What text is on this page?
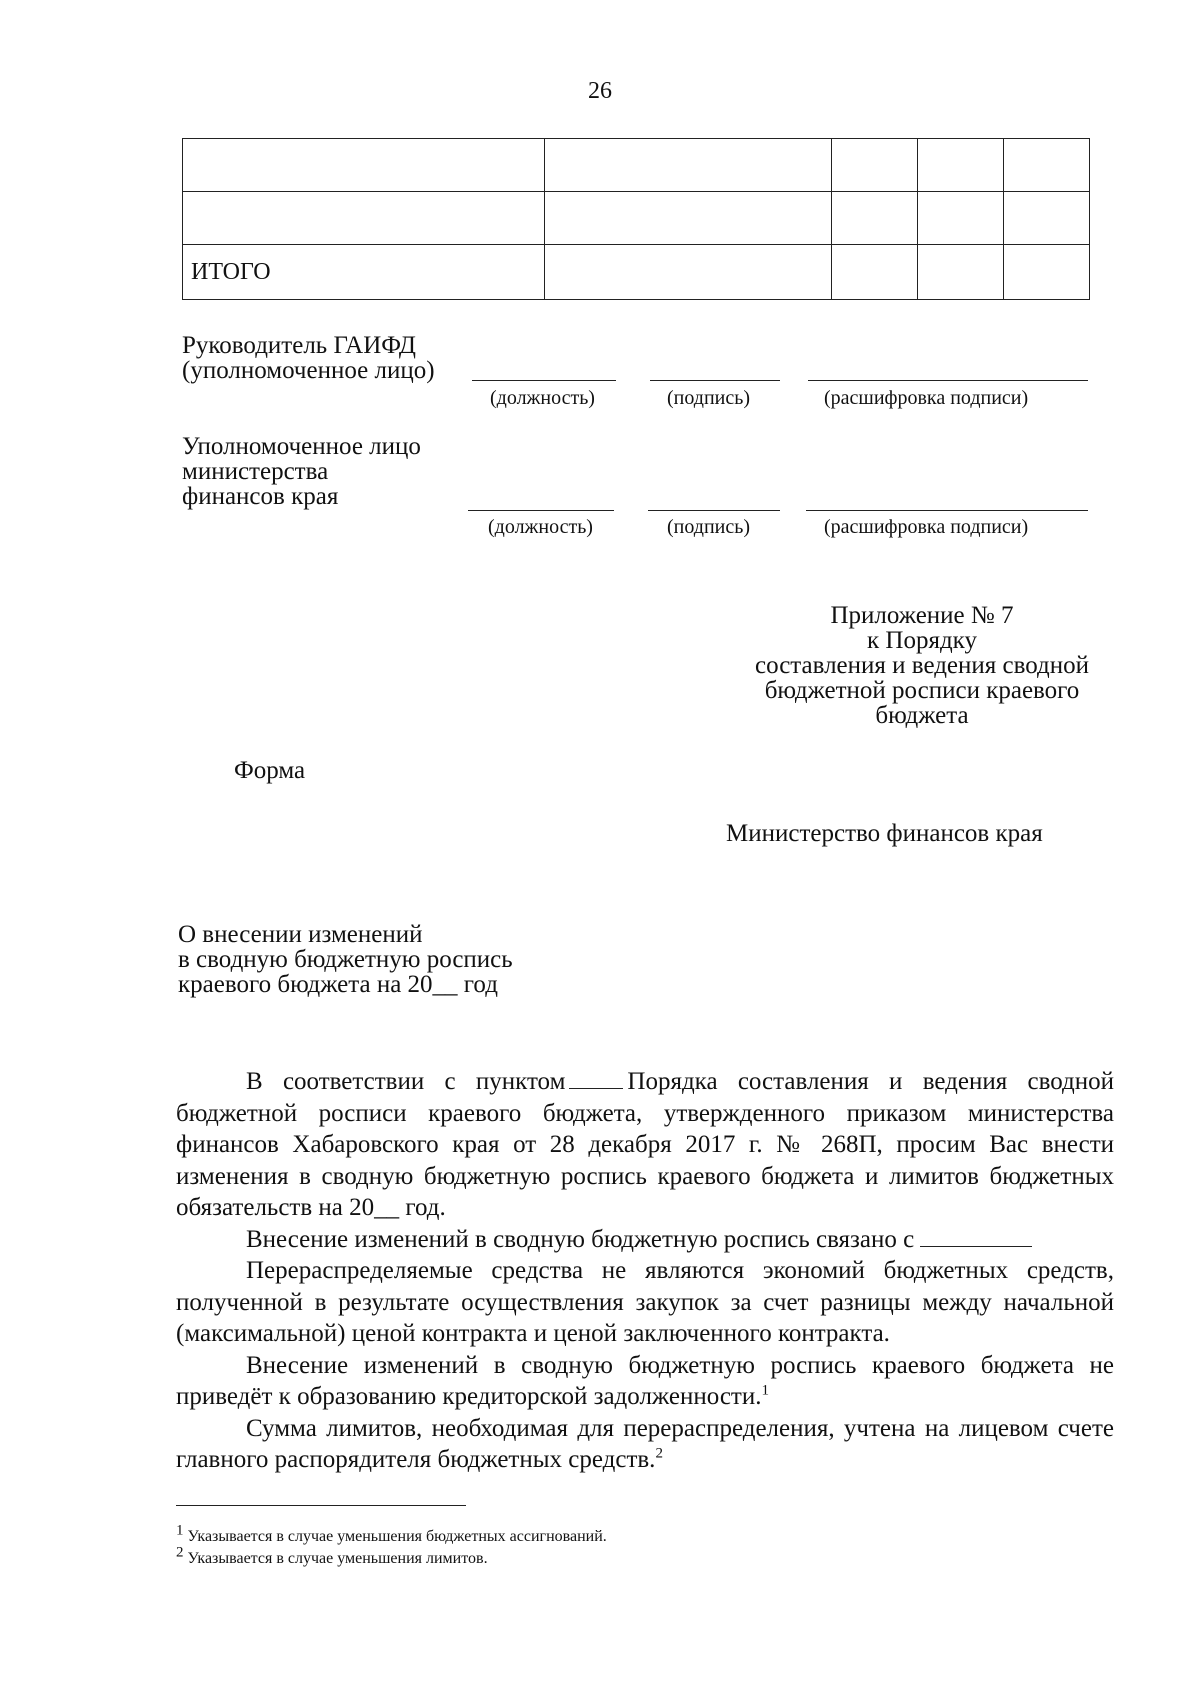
26

ИТОГО				
Руководитель ГАИФД
(уполномоченное лицо)
(должность)	(подпись)	(расшифровка подписи)
Уполномоченное лицо
министерства
финансов края
(должность)	(подпись)	(расшифровка подписи)
Приложение № 7
к Порядку
составления и ведения сводной
бюджетной росписи краевого
бюджета
Форма
Министерство финансов края
О внесении изменений
в сводную бюджетную роспись
краевого бюджета на 20__ год

В соответствии с пунктом Порядка составления и ведения сводной бюджетной росписи краевого бюджета, утвержденного приказом министерства финансов Хабаровского края от 28 декабря 2017 г. № 268П, просим Вас внести изменения в сводную бюджетную роспись краевого бюджета и лимитов бюджетных обязательств на 20__ год.

Внесение изменений в сводную бюджетную роспись связано с

Перераспределяемые средства не являются экономий бюджетных средств, полученной в результате осуществления закупок за счет разницы между начальной (максимальной) ценой контракта и ценой заключенного контракта.

Внесение изменений в сводную бюджетную роспись краевого бюджета не приведёт к образованию кредиторской задолженности.$^1$

Сумма лимитов, необходимая для перераспределения, учтена на лицевом счете главного распорядителя бюджетных средств.$^2$

$^1$ Указывается в случае уменьшения бюджетных ассигнований.
$^2$ Указывается в случае уменьшения лимитов.
